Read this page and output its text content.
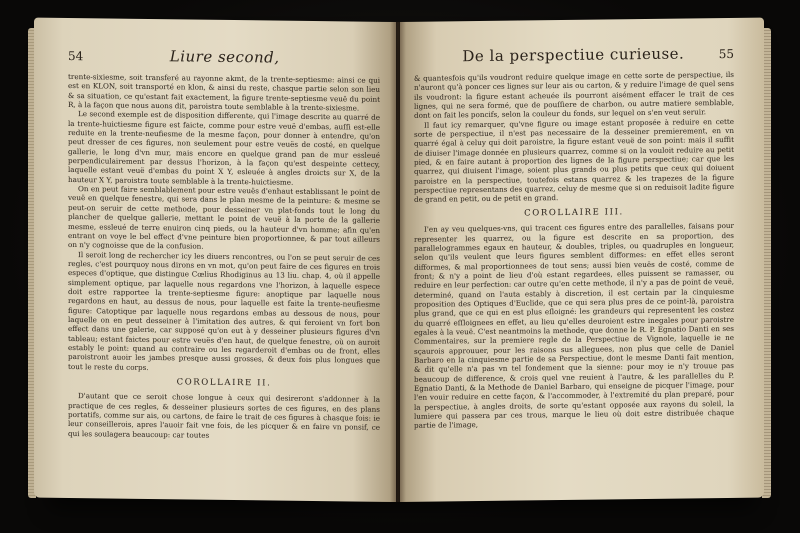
54	Liure second,

trente-sixiesme, soit transferé au rayonne akmt, de la trente-septiesme: ainsi ce qui est en KLON, soit transporté en klon, & ainsi du reste, chasque partie selon son lieu & sa situation, ce qu'estant fait exactement, la figure trente-septiesme veuë du point R, à la façon que nous auons dit, paroistra toute semblable à la trente-sixiesme.

Le second exemple est de disposition differente, qui l'image descrite au quarré de la trente-huictiesme figure est faicte, comme pour estre veuë d'embas, auſſi est-elle reduite en la trente-neufiesme de la mesme façon, pour donner à entendre, qu'on peut dresser de ces figures, non seulement pour estre veuës de costé, en quelque gallerie, le long d'vn mur, mais encore en quelque grand pan de mur essleué perpendiculairement par dessus l'horizon, à la façon qu'est despeinte cettecy, laquelle estant veuë d'embas du point X Y, esleuée à angles droicts sur X, de la hauteur X Y, paroistra toute semblable à la trente-huictiesme.

On en peut faire semblablement pour estre veuës d'enhaut establissant le point de veuë en quelque fenestre, qui sera dans le plan mesme de la peinture: & mesme se peut-on seruir de cette methode, pour desseiner vn plat-fonds tout le long du plancher de quelque gallerie, mettant le point de veuë à la porte de la gallerie mesme, essleué de terre enuiron cinq pieds, ou la hauteur d'vn homme; afin qu'en entrant on voye le bel effect d'vne peinture bien proportionnee, & par tout ailleurs on n'y cognoisse que de la confusion.

Il seroit long de rechercher icy les diuers rencontres, ou l'on se peut seruir de ces regles, c'est pourquoy nous dirons en vn mot, qu'on peut faire de ces figures en trois especes d'optique, que distingue Cœlius Rhodiginus au 13 liu. chap. 4, où il appelle simplement optique, par laquelle nous regardons vne l'horizon, à laquelle espece doit estre rapportee la trente-septiesme figure: anoptique par laquelle nous regardons en haut, au dessus de nous, pour laquelle est faite la trente-neufiesme figure: Catoptique par laquelle nous regardons embas au dessous de nous, pour laquelle on en peut desseiner à l'imitation des autres, & qui feroient vn fort bon effect dans une galerie, car supposé qu'on eut à y desseiner plusieurs figures d'vn tableau; estant faictes pour estre veuës d'en haut, de quelque fenestre, où on auroit estably le point: quand au contraire ou les regarderoit d'embas ou de front, elles paroistront auoir les jambes presque aussi grosses, & deux fois plus longues que tout le reste du corps.

COROLLAIRE II.

D'autant que ce seroit chose longue à ceux qui desireront s'addonner à la practique de ces regles, & desseiner plusieurs sortes de ces figures, en des plans portatifs, comme sur ais, ou cartons, de faire le trait de ces figures à chasque fois: ie leur conseillerois, apres l'auoir fait vne fois, de les picquer & en faire vn ponsif, ce qui les soulagera beaucoup: car toutes

De la perspectiue curieuse.	55

& quantesfois qu'ils voudront reduire quelque image en cette sorte de perspectiue, ils n'auront qu'à poncer ces lignes sur leur ais ou carton, & y reduire l'image de quel sens ils voudront: la figure estant acheuée ils pourront aisément effacer le trait de ces lignes, qui ne sera formé, que de pouſſiere de charbon, ou autre matiere semblable, dont on fait les poncifs, selon la couleur du fonds, sur lequel on s'en veut seruir.

Il faut icy remarquer, qu'vne figure ou image estant proposée à reduire en cette sorte de perspectiue, il n'est pas necessaire de la desseiner premierement, en vn quarré égal à celuy qui doit paroistre, la figure estant veuë de son point: mais il suffit de diuiser l'image donnée en plusieurs quarrez, comme si on la vouloit reduire au petit pied, & en faire autant à proportion des lignes de la figure perspectiue; car que les quarrez, qui diuisent l'image, soient plus grands ou plus petits que ceux qui doiuent paroistre en la perspectiue, toutefois estans quarrez & les trapezes de la figure perspectiue representans des quarrez, celuy de mesme que si on reduisoit ladite figure de grand en petit, ou de petit en grand.

COROLLAIRE III.

I'en ay veu quelques-vns, qui tracent ces figures entre des parallelles, faisans pour representer les quarrez, ou la figure est descrite en sa proportion, des parallelogrammes egaux en hauteur, & doubles, triples, ou quadruples en longueur, selon qu'ils veulent que leurs figures semblent difformes: en effet elles seront difformes, & mal proportionnees de tout sens; aussi bien veuës de costé, comme de front; & n'y a point de lieu d'où estant regardees, elles puissent se ramasser, ou reduire en leur perfection: car outre qu'en cette methode, il n'y a pas de point de veuë, determiné, quand on l'auta estably à discretion, il est certain par la cinquiesme proposition des Optiques d'Euclide, que ce qui sera plus pres de ce point-là, paroistra plus grand, que ce qui en est plus eſloigné: les grandeurs qui representent les costez du quarré eſſloignees en effet, au lieu qu'elles deuroient estre inegales pour paroistre egales à la veuë. C'est neantmoins la methode, que donne le R. P. Egnatio Danti en ses Commentaires, sur la premiere regle de la Perspectiue de Vignole, laquelle ie ne sçaurois approuuer, pour les raisons sus alleguees, non plus que celle de Daniel Barbaro en la cinquiesme partie de sa Perspectiue, dont le mesme Danti fait mention, & dit qu'elle n'a pas vn tel fondement que la sienne: pour moy ie n'y trouue pas beaucoup de difference, & crois quel vne reuient à l'autre, & les parallelles du P. Egnatio Danti, & la Methode de Daniel Barbaro, qui enseigne de picquer l'image, pour l'en vouir reduire en cette façon, & l'accommoder, à l'extremité du plan preparé, pour la perspectiue, à angles droits, de sorte qu'estant opposée aux rayons du soleil, la lumiere qui passera par ces trous, marque le lieu où doit estre distribuée chaque partie de l'image,
